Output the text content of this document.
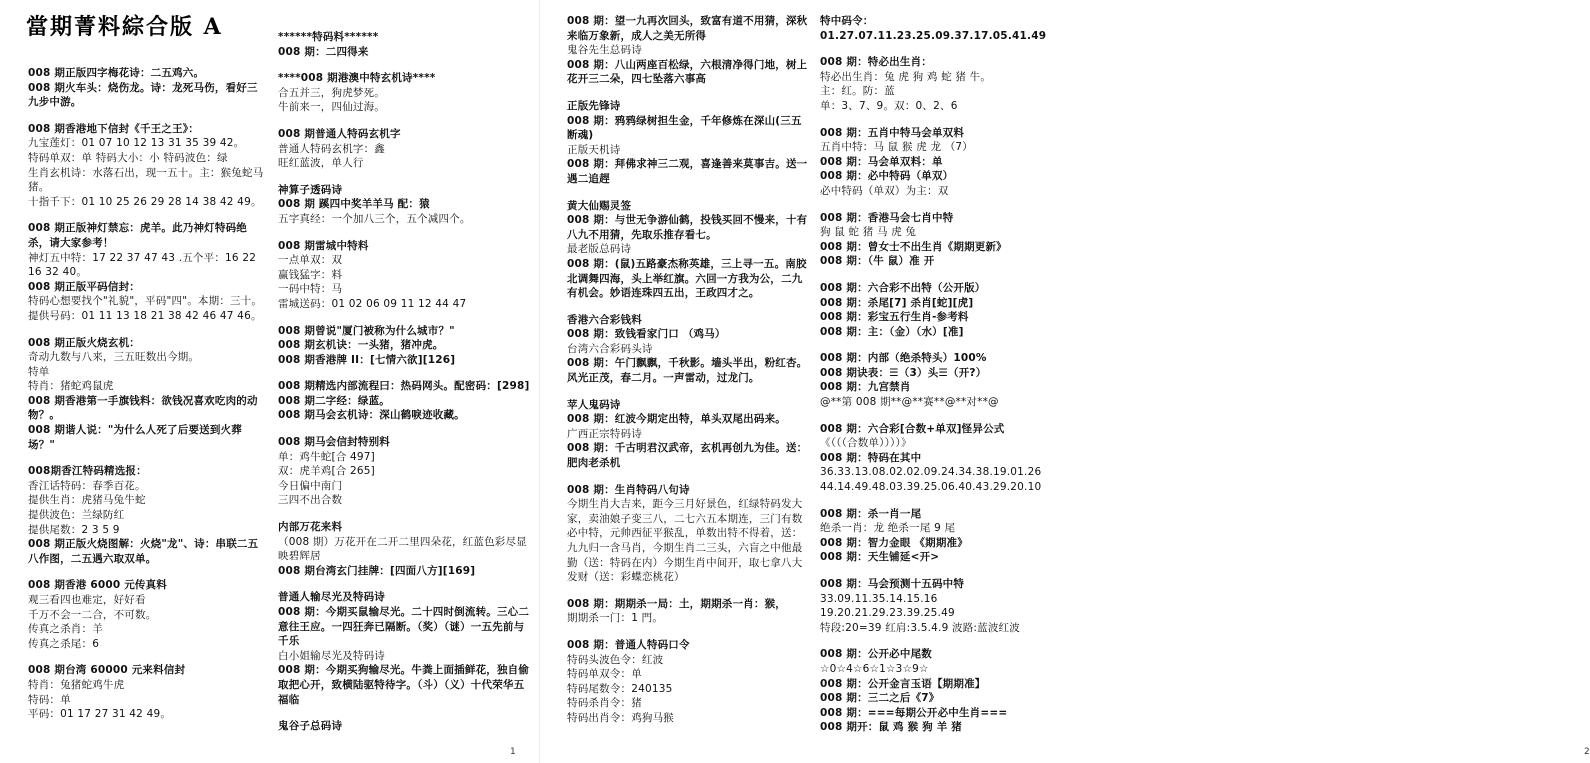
當期菁料綜合版 A
008 期正版四字梅花诗：二五鸡六。
008 期火车头：烧伤龙。诗：龙死马伤，看好三九步中游。
008 期香港地下信封《千王之王》：
九宝莲灯：01 07 10 12 13 31 35 39 42。
特码单双：单 特码大小：小 特码波色：绿
生肖玄机诗：水落石出，现一五十。主：猴兔蛇马猪。
十指千下：01 10 25 26 29 28 14 38 42 49。
008 期正版神灯禁忘：虎羊。此乃神灯特码绝杀，请大家参考！
神灯五中特：17 22 37 47 43 .五个平：16 22 16 32 40。
008 期正版平码信封：
特码心想要找个"礼貌"，平码"四"。本期：三十。
提供号码：01 11 13 18 21 38 42 46 47 46。
008 期正版火烧玄机：
奇动九数与八来，三五旺数出今期。
特单
特肖：猪蛇鸡鼠虎
008 期香港第一手旗钱料：欲钱况喜欢吃肉的动物？。
008 期谐人说："为什么人死了后要送到火葬场？"
008期香江特码精选报：
香江话特码：春季百花。
提供生肖：虎猪马兔牛蛇
提供波色：兰绿防红
提供尾数：2 3 5 9
008 期正版火烧图解：火烧"龙"、诗：串联二五八作图，二五遇六取双单。
008 期香港 6000 元传真料
观三看四也难定，好好看
千万不会一二合，不可数。
传真之杀肖：羊
传真之杀尾：6
008 期台湾 60000 元来料信封
特肖：兔猪蛇鸡牛虎
特码：单
平码：01 17 27 31 42 49。
******特码料******
008 期：二四得来
****008 期港澳中特玄机诗****
合五并三，狗虎梦死。
牛前来一，四仙过海。
008 期普通人特码玄机字
普通人特码玄机字：鑫
旺红蓝波，单人行
神算子透码诗
008 期 蹊四中奖羊羊马 配：猿
五字真经：一个加八三个，五个减四个。
008 期雷城中特料
一点单双：双
赢钱猛字：料
一码中特：马
雷城送码：01 02 06 09 11 12 44 47
008 期曾说"厦门被称为什么城市？"
008 期玄机诀：一头猪，猪冲虎。
008 期香港牌 II：[七情六欲][126]
008 期精选内部流程曰：热码网头。配密码：[298]
008 期二字经：绿蓝。
008 期马会玄机诗：深山鹤唳迹收藏。
008 期马会信封特别料
单：鸡牛蛇[合 497]
双：虎羊鸡[合 265]
今日偏中南门
三四不出合数
内部万花来料
（008 期）万花开在二开二里四朵花，红蓝色彩尽显映碧辉居
008 期台湾玄门挂牌：[四面八方][169]
普通人输尽光及特码诗
008 期：今期买鼠输尽光。二十四时倒流转。三心二意往王应。一四狂奔已隔断。（奖）（谜）一五先前与千乐
白小姐输尽光及特码诗
008 期：今期买狗输尽光。牛粪上面插鲜花，独自偷取把心开，致横陆驱特待字。（斗）（义）十代荣华五福临
鬼谷子总码诗
1	2
008 期：望一九再次回头，致富有道不用猜，深秋来临万象新，成人之美无所得
鬼谷先生总码诗
008 期：八山两座百松绿，六根清净得门地，树上花开三二朵，四七坠落六事高
正版先锋诗
008 期：鸦鸦绿树担生金，千年修炼在深山(三五断魂)
正版天机诗
008 期：拜佛求神三二观，喜逢善来莫事吉。送一遇二追趕
黄大仙赐灵签
008 期：与世无争游仙鹤，投钱买回不慢来，十有八九不用猜，先取乐推存看七。
最老版总码诗
008 期：(鼠)五路豪杰称英雄，三上寻一五。南胶北调舞四海，头上举红旗。六回一方我为公，二九有机会。妙语连珠四五出，王政四才之。
香港六合彩钱料
008 期：致钱看家门口 （鸡马）
台湾六合彩码头诗
008 期：午门飘飘，千秋影。墙头半出，粉红杏。风光正茂，春二月。一声雷动，过龙门。
苹人鬼码诗
008 期：红波今期定出特，单头双尾出码来。
广西正宗特码诗
008 期：千古明君汉武帝，玄机再创九为佳。送：肥肉老杀机
008 期：生肖特码八句诗
今期生肖大吉来，距今三月好景色，红绿特码发大家，卖油娘子变三八，二七六五本期连，三门有数必中特，元帅西征平猴乱，单数出特不得着，送：九九归一含马肖，今期生肖二三头，六盲之中他最勤（送：特码在内）今期生肖中间开，取七拿八大发财（送：彩蝶恋桃花）
008 期：期期杀一局：土，期期杀一肖：猴，
期期杀一门：1 門。
008 期：普通人特码口令
特码头波色令：红波
特码单双令：单
特码尾数令：240135
特码杀肖令：猪
特码出肖令：鸡狗马猴
特中码令：01.27.07.11.23.25.09.37.17.05.41.49
008 期：特必出生肖：
特必出生肖：兔 虎 狗 鸡 蛇 猪 牛。
主：红。防：蓝
单：3、7、9。双：0、2、6
008 期：五肖中特马会单双料
五肖中特：马 鼠 猴 虎 龙 （7）
008 期：马会单双料：单
008 期：必中特码（单双）
必中特码（单双）为主：双
008 期：香港马会七肖中特
狗 鼠 蛇 猪 马 虎 兔
008 期：曾女士不出生肖《期期更新》
008 期：（牛 鼠）准 开
008 期：六合彩不出特（公开版）
008 期：杀尾[7] 杀肖[蛇][虎]
008 期：彩宝五行生肖-参考料
008 期：主：（金）（水）[准]
008 期：内部（绝杀特头）100%
008 期诀表：☰（3）头☰（开?）
008 期：九宫禁肖
@**第 008 期**@**赛**@**对**@
008 期：六合彩[合数+单双]怪异公式
《（（（合数单））））》
008 期：特码在其中
36.33.13.08.02.02.09.24.34.38.19.01.26
44.14.49.48.03.39.25.06.40.43.29.20.10
008 期：杀一肖一尾
绝杀一肖：龙 绝杀一尾 9 尾
008 期：智力金眼 《期期准》
008 期：天生铺延<开>
008 期：马会预测十五码中特
33.09.11.35.14.15.16
19.20.21.29.23.39.25.49
特段:20=39 红肩:3.5.4.9 波路:蓝波红波
008 期：公开必中尾数
☆0☆4☆6☆1☆3☆9☆
008 期：公开金言玉语【期期准】
008 期：三二之后《7》
008 期：===每期公开必中生肖===
008 期开：鼠 鸡 猴 狗 羊 猪
